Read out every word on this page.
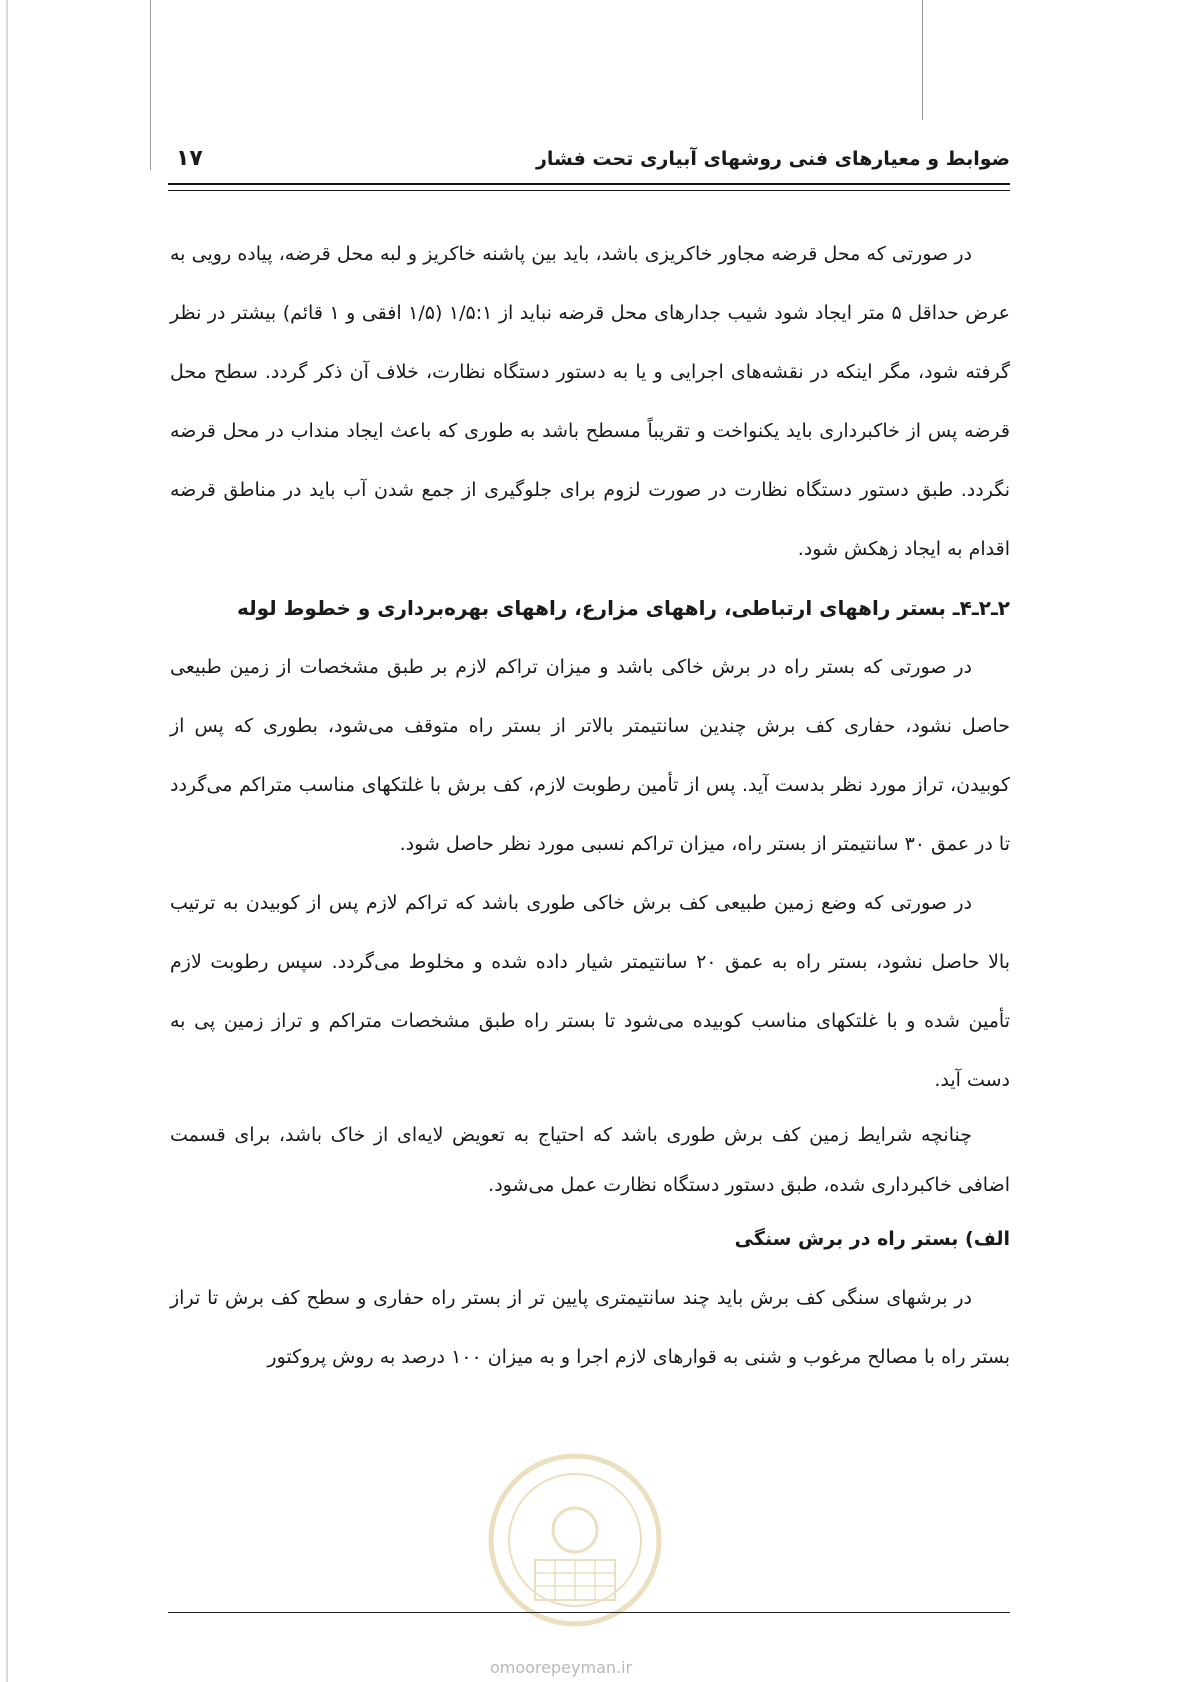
۱۷	ضوابط و معیارهای فنی روشهای آبیاری تحت فشار

در صورتی که محل قرضه مجاور خاکریزی باشد، باید بین پاشنه خاکریز و لبه محل قرضه، پیاده رویی به عرض حداقل ۵ متر ایجاد شود شیب جدارهای محل قرضه نباید از ۱/۵:۱ (۱/۵ افقی و ۱ قائم) بیشتر در نظر گرفته شود، مگر اینکه در نقشه‌های اجرایی و یا به دستور دستگاه نظارت، خلاف آن ذکر گردد. سطح محل قرضه پس از خاکبرداری باید یکنواخت و تقریباً مسطح باشد به طوری که باعث ایجاد منداب در محل قرضه نگردد. طبق دستور دستگاه نظارت در صورت لزوم برای جلوگیری از جمع شدن آب باید در مناطق قرضه اقدام به ایجاد زهکش شود.

۲ـ۲ـ۴ـ بستر راههای ارتباطی، راههای مزارع، راههای بهره‌برداری و خطوط لوله

در صورتی که بستر راه در برش خاکی باشد و میزان تراکم لازم بر طبق مشخصات از زمین طبیعی حاصل نشود، حفاری کف برش چندین سانتیمتر بالاتر از بستر راه متوقف می‌شود، بطوری که پس از کوبیدن، تراز مورد نظر بدست آید. پس از تأمین رطوبت لازم، کف برش با غلتکهای مناسب متراکم می‌گردد تا در عمق ۳۰ سانتیمتر از بستر راه، میزان تراکم نسبی مورد نظر حاصل شود.

در صورتی که وضع زمین طبیعی کف برش خاکی طوری باشد که تراکم لازم پس از کوبیدن به ترتیب بالا حاصل نشود، بستر راه به عمق ۲۰ سانتیمتر شیار داده شده و مخلوط می‌گردد. سپس رطوبت لازم تأمین شده و با غلتکهای مناسب کوبیده می‌شود تا بستر راه طبق مشخصات متراکم و تراز زمین پی به دست آید.

چنانچه شرایط زمین کف برش طوری باشد که احتیاج به تعویض لایه‌ای از خاک باشد، برای قسمت اضافی خاکبرداری شده، طبق دستور دستگاه نظارت عمل می‌شود.

الف) بستر راه در برش سنگی

در برشهای سنگی کف برش باید چند سانتیمتری پایین تر از بستر راه حفاری و سطح کف برش تا تراز بستر راه با مصالح مرغوب و شنی به قوارهای لازم اجرا و به میزان ۱۰۰ درصد به روش پروکتور

omoorepeyman.ir
